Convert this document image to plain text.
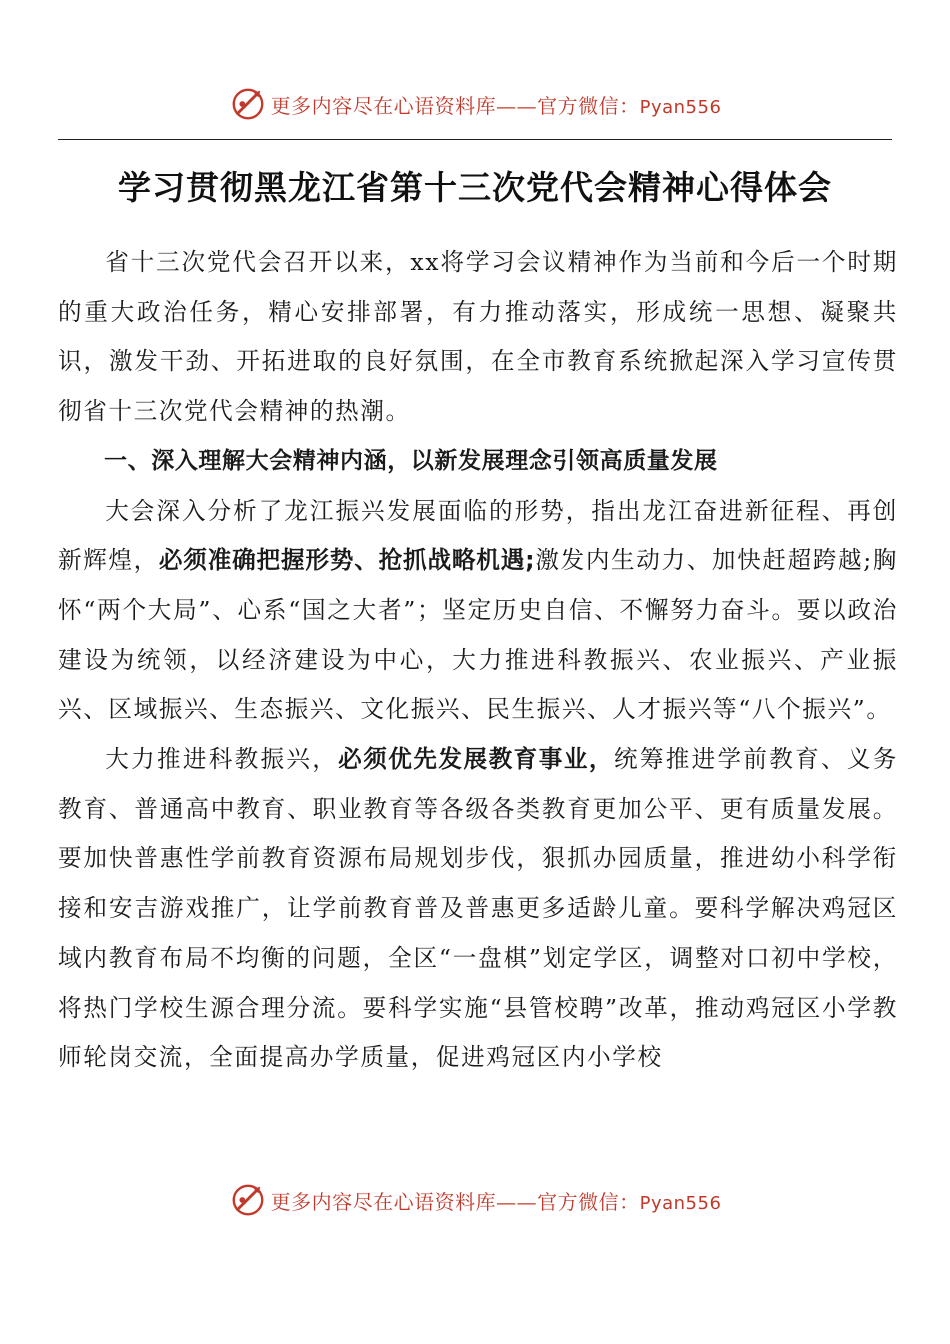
更多内容尽在心语资料库——官方微信：Pyan556
学习贯彻黑龙江省第十三次党代会精神心得体会

省十三次党代会召开以来，xx将学习会议精神作为当前和今后一个时期的重大政治任务，精心安排部署，有力推动落实，形成统一思想、凝聚共识，激发干劲、开拓进取的良好氛围，在全市教育系统掀起深入学习宣传贯彻省十三次党代会精神的热潮。

一、深入理解大会精神内涵，以新发展理念引领高质量发展

大会深入分析了龙江振兴发展面临的形势，指出龙江奋进新征程、再创新辉煌，必须准确把握形势、抢抓战略机遇;激发内生动力、加快赶超跨越;胸怀“两个大局”、心系“国之大者”；坚定历史自信、不懈努力奋斗。要以政治建设为统领，以经济建设为中心，大力推进科教振兴、农业振兴、产业振兴、区域振兴、生态振兴、文化振兴、民生振兴、人才振兴等“八个振兴”。

大力推进科教振兴，必须优先发展教育事业，统筹推进学前教育、义务教育、普通高中教育、职业教育等各级各类教育更加公平、更有质量发展。要加快普惠性学前教育资源布局规划步伐，狠抓办园质量，推进幼小科学衔接和安吉游戏推广，让学前教育普及普惠更多适龄儿童。要科学解决鸡冠区域内教育布局不均衡的问题，全区“一盘棋”划定学区，调整对口初中学校，将热门学校生源合理分流。要科学实施“县管校聘”改革，推动鸡冠区小学教师轮岗交流，全面提高办学质量，促进鸡冠区内小学校

更多内容尽在心语资料库——官方微信：Pyan556
